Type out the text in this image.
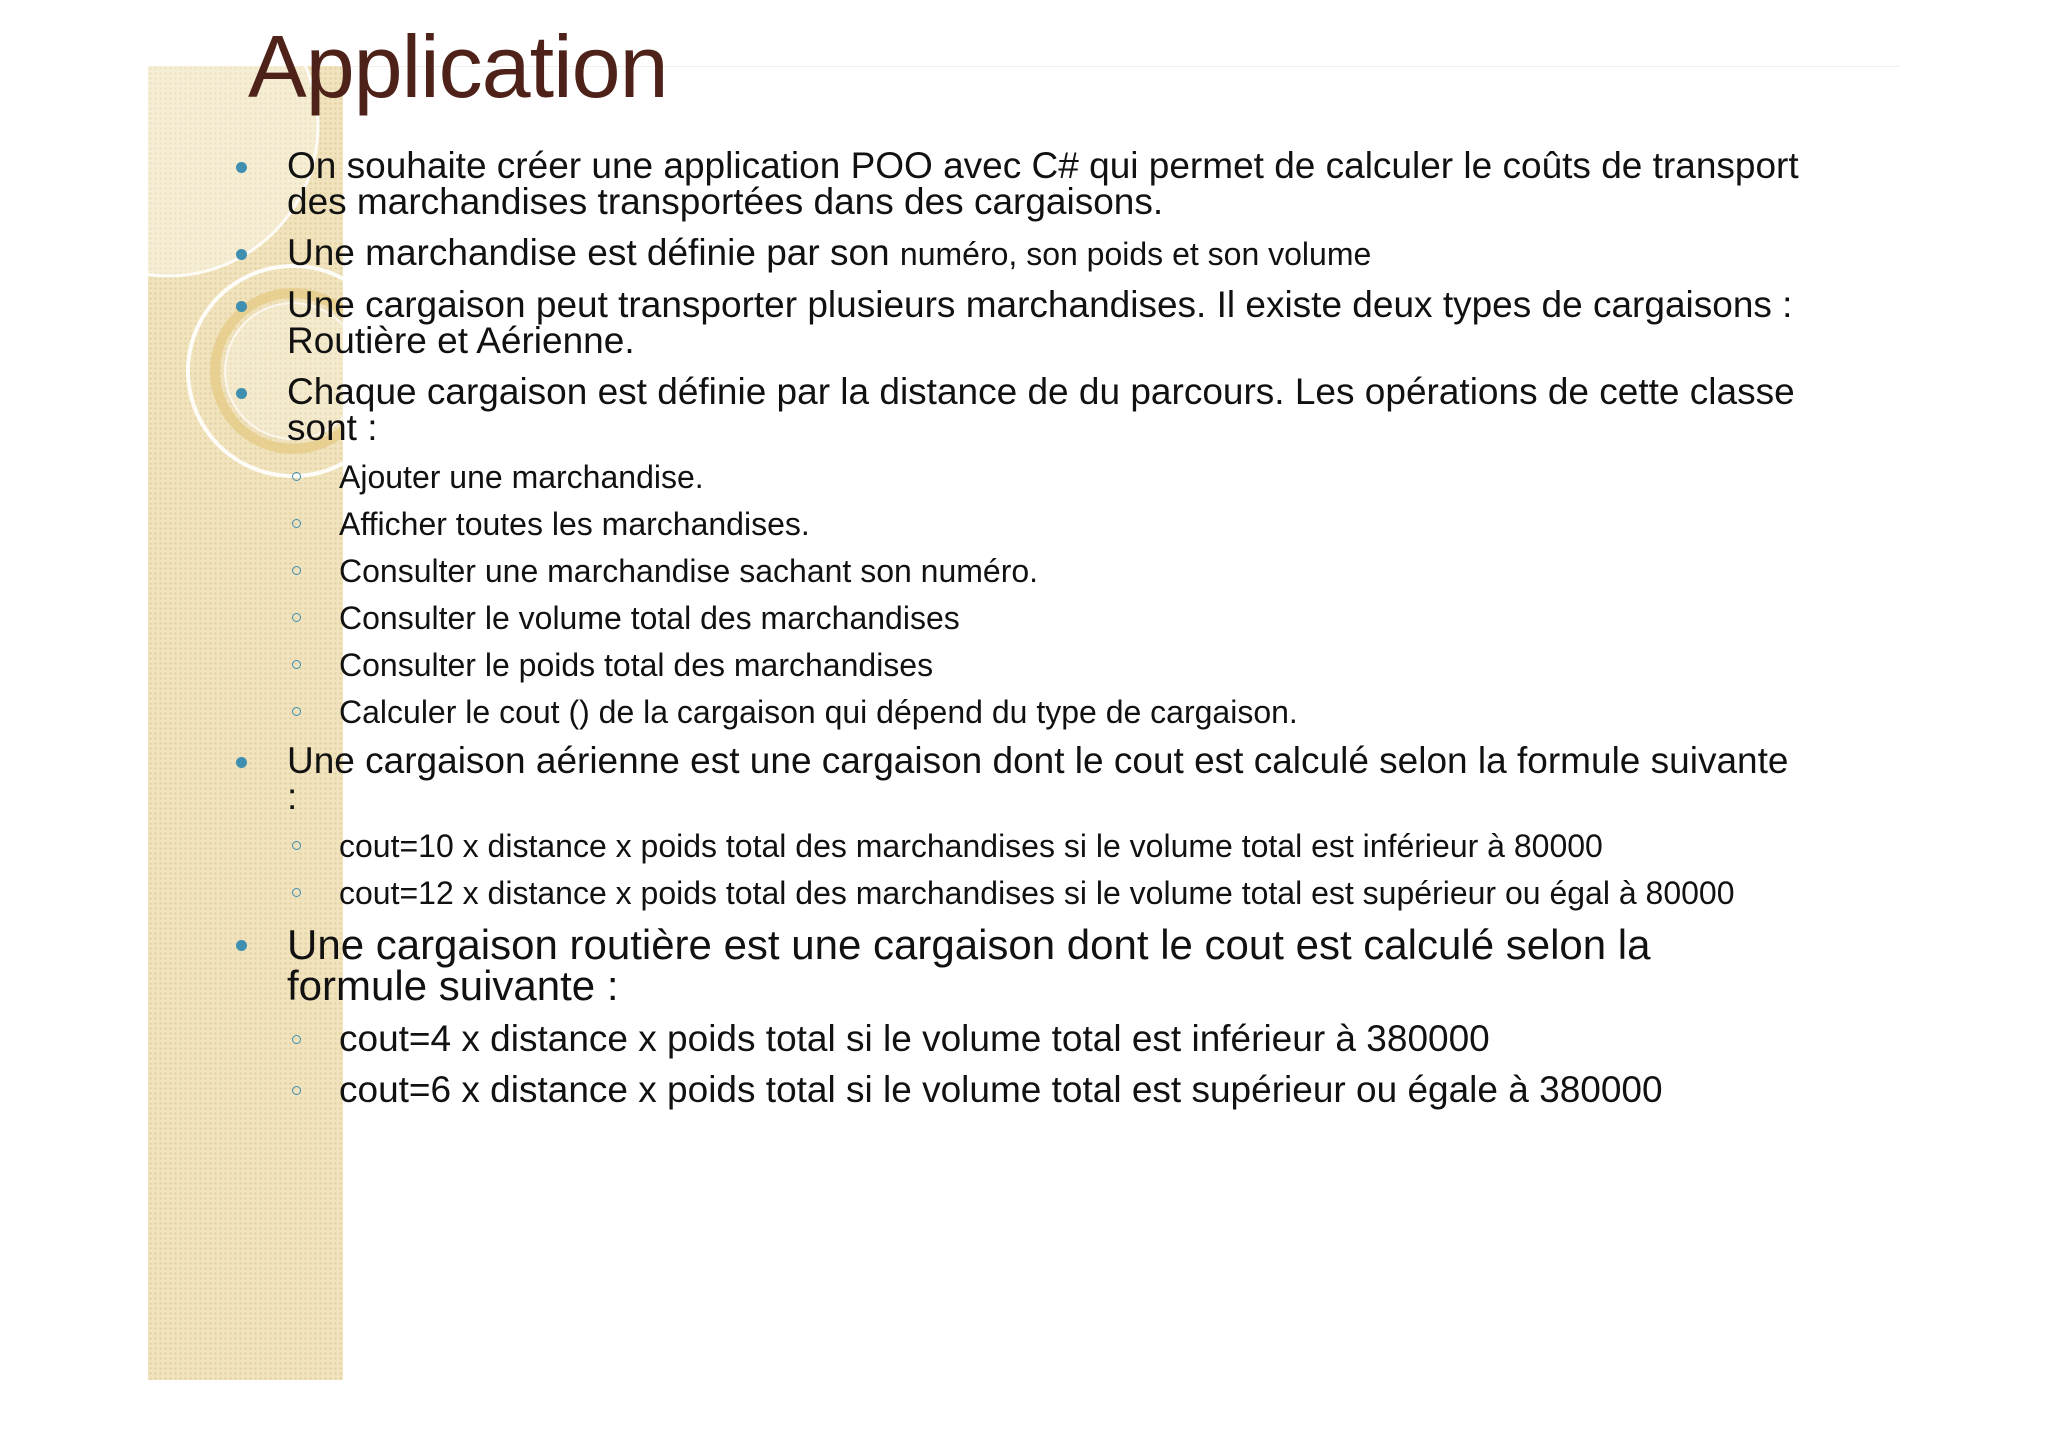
Application
On souhaite créer une application POO avec C# qui permet de calculer le coûts de transport des marchandises transportées dans des cargaisons.
Une marchandise est définie par son numéro, son poids et son volume
Une cargaison peut transporter plusieurs marchandises. Il existe deux types de cargaisons : Routière et Aérienne.
Chaque cargaison est définie par la distance de du parcours. Les opérations de cette classe sont :
Ajouter une marchandise.
Afficher toutes les marchandises.
Consulter une marchandise sachant son numéro.
Consulter le volume total des marchandises
Consulter le poids total des marchandises
Calculer le cout () de la cargaison qui dépend du type de cargaison.
Une cargaison aérienne est une cargaison dont le cout est calculé selon la formule suivante :
cout=10 x distance x poids total des marchandises si le volume total est inférieur à 80000
cout=12 x distance x poids total des marchandises si le volume total est supérieur ou égal à 80000
Une cargaison routière est une cargaison dont le cout est calculé selon la formule suivante :
cout=4 x distance x poids total si le volume total est inférieur à 380000
cout=6 x distance x poids total si le volume total est supérieur ou égale à 380000
